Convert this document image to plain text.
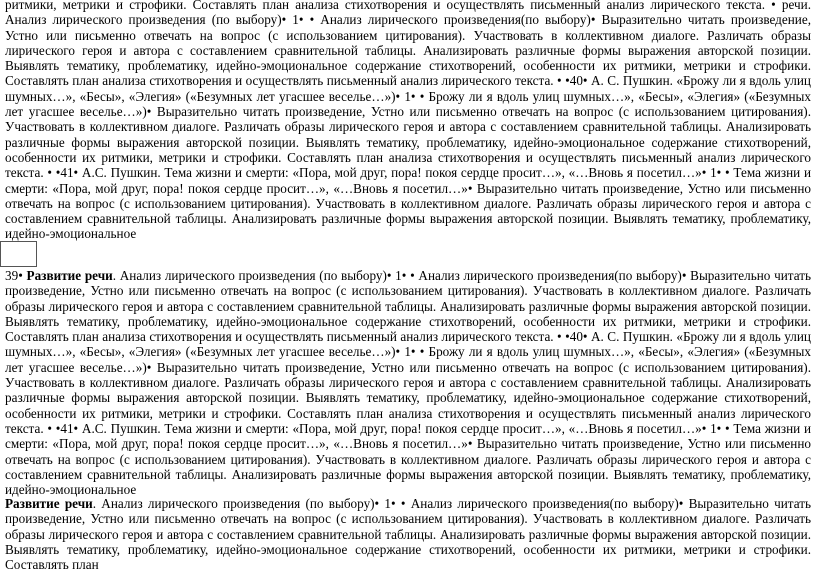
ритмики, метрики и строфики. Составлять план анализа стихотворения и осуществлять письменный анализ лирического текста. • речи. Анализ лирического произведения (по выбору)• 1• • Анализ лирического произведения(по выбору)• Выразительно читать произведение, Устно или письменно отвечать на вопрос (с использованием цитирования). Участвовать в коллективном диалоге. Различать образы лирического героя и автора с составлением сравнительной таблицы. Анализировать различные формы выражения авторской позиции. Выявлять тематику, проблематику, идейно-эмоциональное содержание стихотворений, особенности их ритмики, метрики и строфики. Составлять план анализа стихотворения и осуществлять письменный анализ лирического текста. • •40• А. С. Пушкин. «Брожу ли я вдоль улиц шумных…», «Бесы», «Элегия» («Безумных лет угасшее веселье…»)• 1• • Брожу ли я вдоль улиц шумных…», «Бесы», «Элегия» («Безумных лет угасшее веселье…»)• Выразительно читать произведение, Устно или письменно отвечать на вопрос (с использованием цитирования). Участвовать в коллективном диалоге. Различать образы лирического героя и автора с составлением сравнительной таблицы. Анализировать различные формы выражения авторской позиции. Выявлять тематику, проблематику, идейно-эмоциональное содержание стихотворений, особенности их ритмики, метрики и строфики. Составлять план анализа стихотворения и осуществлять письменный анализ лирического текста. • •41• А.С. Пушкин. Тема жизни и смерти: «Пора, мой друг, пора! покоя сердце просит…», «…Вновь я посетил…»• 1• • Тема жизни и смерти: «Пора, мой друг, пора! покоя сердце просит…», «…Вновь я посетил…»• Выразительно читать произведение, Устно или письменно отвечать на вопрос (с использованием цитирования). Участвовать в коллективном диалоге. Различать образы лирического героя и автора с составлением сравнительной таблицы. Анализировать различные формы выражения авторской позиции. Выявлять тематику, проблематику, идейно-эмоциональное

39• Развитие речи. Анализ лирического произведения (по выбору)• 1• • Анализ лирического произведения(по выбору)• Выразительно читать произведение, Устно или письменно отвечать на вопрос (с использованием цитирования). Участвовать в коллективном диалоге. Различать образы лирического героя и автора с составлением сравнительной таблицы. Анализировать различные формы выражения авторской позиции. Выявлять тематику, проблематику, идейно-эмоциональное содержание стихотворений, особенности их ритмики, метрики и строфики. Составлять план анализа стихотворения и осуществлять письменный анализ лирического текста. • •40• А. С. Пушкин. «Брожу ли я вдоль улиц шумных…», «Бесы», «Элегия» («Безумных лет угасшее веселье…»)• 1• • Брожу ли я вдоль улиц шумных…», «Бесы», «Элегия» («Безумных лет угасшее веселье…»)• Выразительно читать произведение, Устно или письменно отвечать на вопрос (с использованием цитирования). Участвовать в коллективном диалоге. Различать образы лирического героя и автора с составлением сравнительной таблицы. Анализировать различные формы выражения авторской позиции. Выявлять тематику, проблематику, идейно-эмоциональное содержание стихотворений, особенности их ритмики, метрики и строфики. Составлять план анализа стихотворения и осуществлять письменный анализ лирического текста. • •41• А.С. Пушкин. Тема жизни и смерти: «Пора, мой друг, пора! покоя сердце просит…», «…Вновь я посетил…»• 1• • Тема жизни и смерти: «Пора, мой друг, пора! покоя сердце просит…», «…Вновь я посетил…»• Выразительно читать произведение, Устно или письменно отвечать на вопрос (с использованием цитирования). Участвовать в коллективном диалоге. Различать образы лирического героя и автора с составлением сравнительной таблицы. Анализировать различные формы выражения авторской позиции. Выявлять тематику, проблематику, идейно-эмоциональное

Развитие речи. Анализ лирического произведения (по выбору)• 1• • Анализ лирического произведения(по выбору)• Выразительно читать произведение, Устно или письменно отвечать на вопрос (с использованием цитирования). Участвовать в коллективном диалоге. Различать образы лирического героя и автора с составлением сравнительной таблицы. Анализировать различные формы выражения авторской позиции. Выявлять тематику, проблематику, идейно-эмоциональное содержание стихотворений, особенности их ритмики, метрики и строфики. Составлять план
